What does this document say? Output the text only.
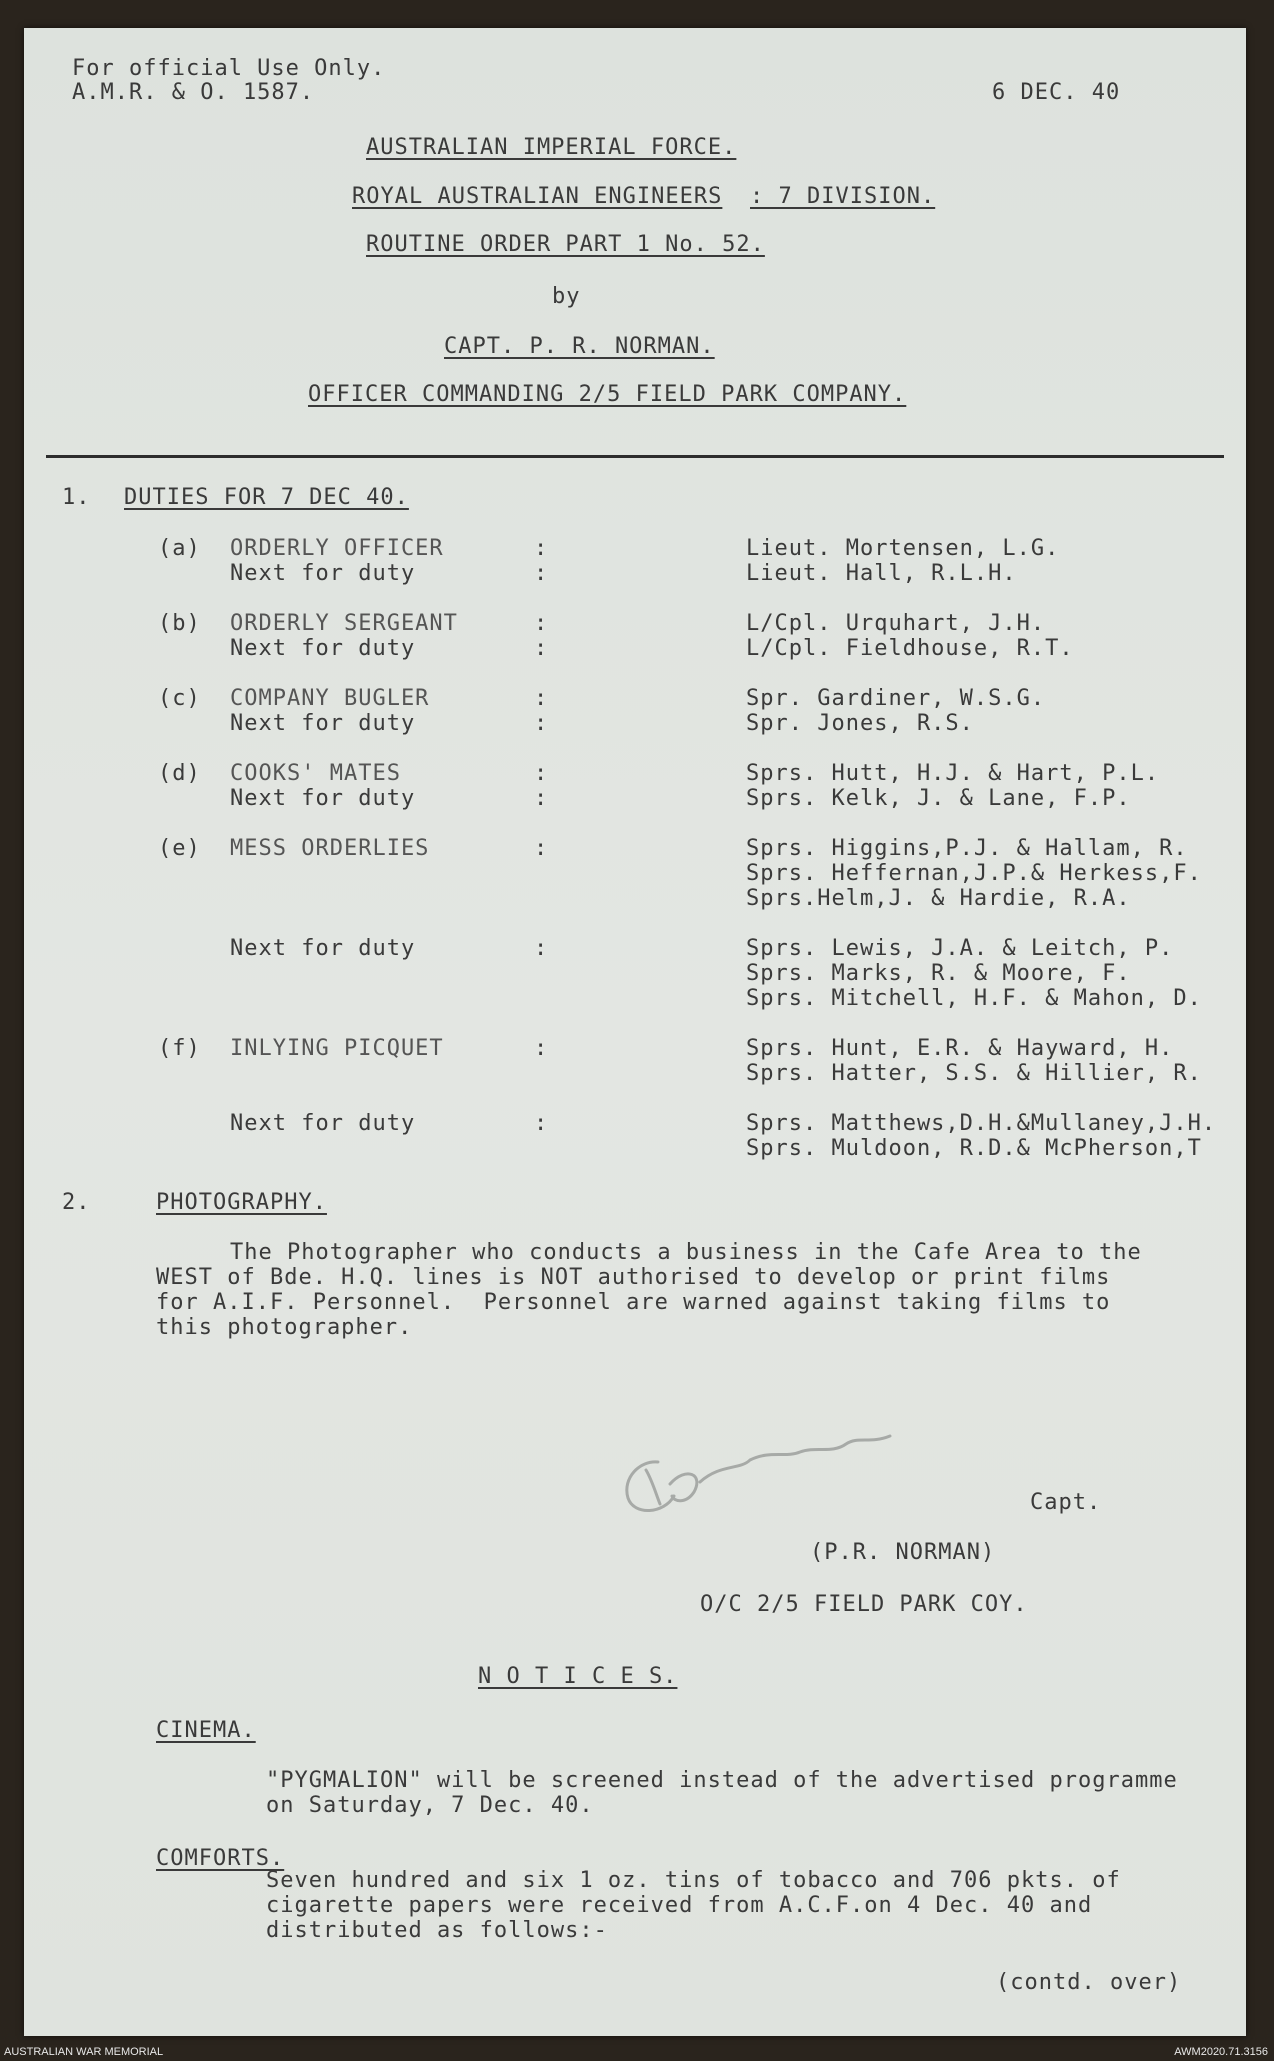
For official Use Only.
A.M.R. & O. 1587.	6 DEC. 40
AUSTRALIAN IMPERIAL FORCE.
ROYAL AUSTRALIAN ENGINEERS : 7 DIVISION.
ROUTINE ORDER PART 1 No. 52.
by
CAPT. P. R. NORMAN.
OFFICER COMMANDING 2/5 FIELD PARK COMPANY.
1. DUTIES FOR 7 DEC 40.
(a) ORDERLY OFFICER	:	Lieut. Mortensen, L.G.
Next for duty	:	Lieut. Hall, R.L.H.
(b) ORDERLY SERGEANT	:	L/Cpl. Urquhart, J.H.
Next for duty	:	L/Cpl. Fieldhouse, R.T.
(c) COMPANY BUGLER	:	Spr. Gardiner, W.S.G.
Next for duty	:	Spr. Jones, R.S.
(d) COOKS' MATES	:	Sprs. Hutt, H.J. & Hart, P.L.
Next for duty	:	Sprs. Kelk, J. & Lane, F.P.
(e) MESS ORDERLIES	:	Sprs. Higgins,P.J. & Hallam, R.
Sprs. Heffernan,J.P.& Herkess,F.
Sprs.Helm,J. & Hardie, R.A.
Next for duty	:	Sprs. Lewis, J.A. & Leitch, P.
Sprs. Marks, R. & Moore, F.
Sprs. Mitchell, H.F. & Mahon, D.
(f) INLYING PICQUET	:	Sprs. Hunt, E.R. & Hayward, H.
Sprs. Hatter, S.S. & Hillier, R.
Next for duty	:	Sprs. Matthews,D.H.&Mullaney,J.H.
Sprs. Muldoon, R.D.& McPherson,T
2.	PHOTOGRAPHY.
The Photographer who conducts a business in the Cafe Area to the
WEST of Bde. H.Q. lines is NOT authorised to develop or print films
for A.I.F. Personnel.  Personnel are warned against taking films to
this photographer.
Capt.
(P.R. NORMAN)
O/C 2/5 FIELD PARK COY.
N O T I C E S.
CINEMA.
"PYGMALION" will be screened instead of the advertised programme
on Saturday, 7 Dec. 40.
COMFORTS.
Seven hundred and six 1 oz. tins of tobacco and 706 pkts. of
cigarette papers were received from A.C.F.on 4 Dec. 40 and
distributed as follows:-
(contd. over)
AUSTRALIAN WAR MEMORIAL	AWM2020.71.3156
